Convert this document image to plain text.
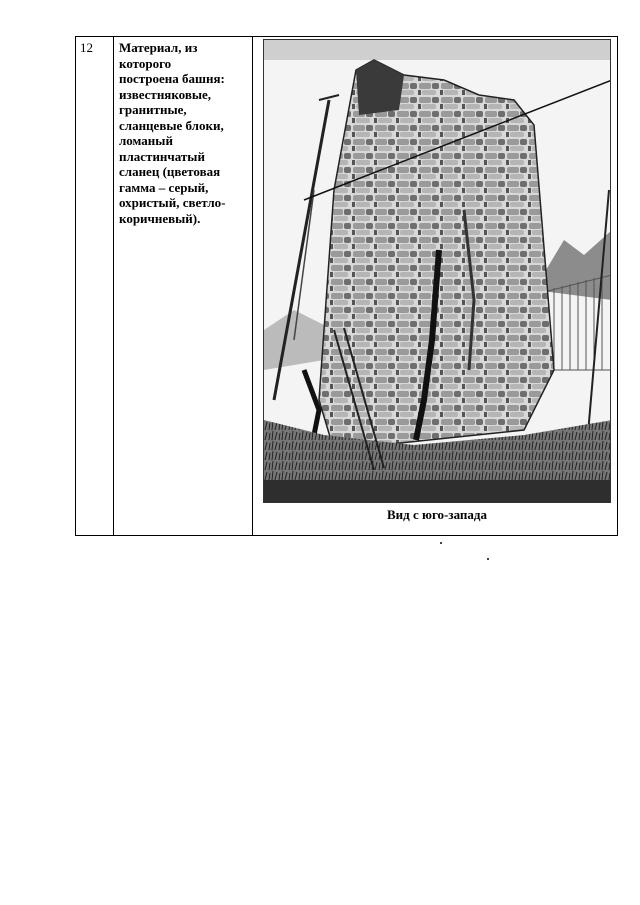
12 Материал, из
которого
построена башня:
известняковые,
гранитные,
сланцевые блоки,
ломаный
пластинчатый
сланец (цветовая
гамма – серый,
охристый, светло-
коричневый).
Вид с юго-запада
